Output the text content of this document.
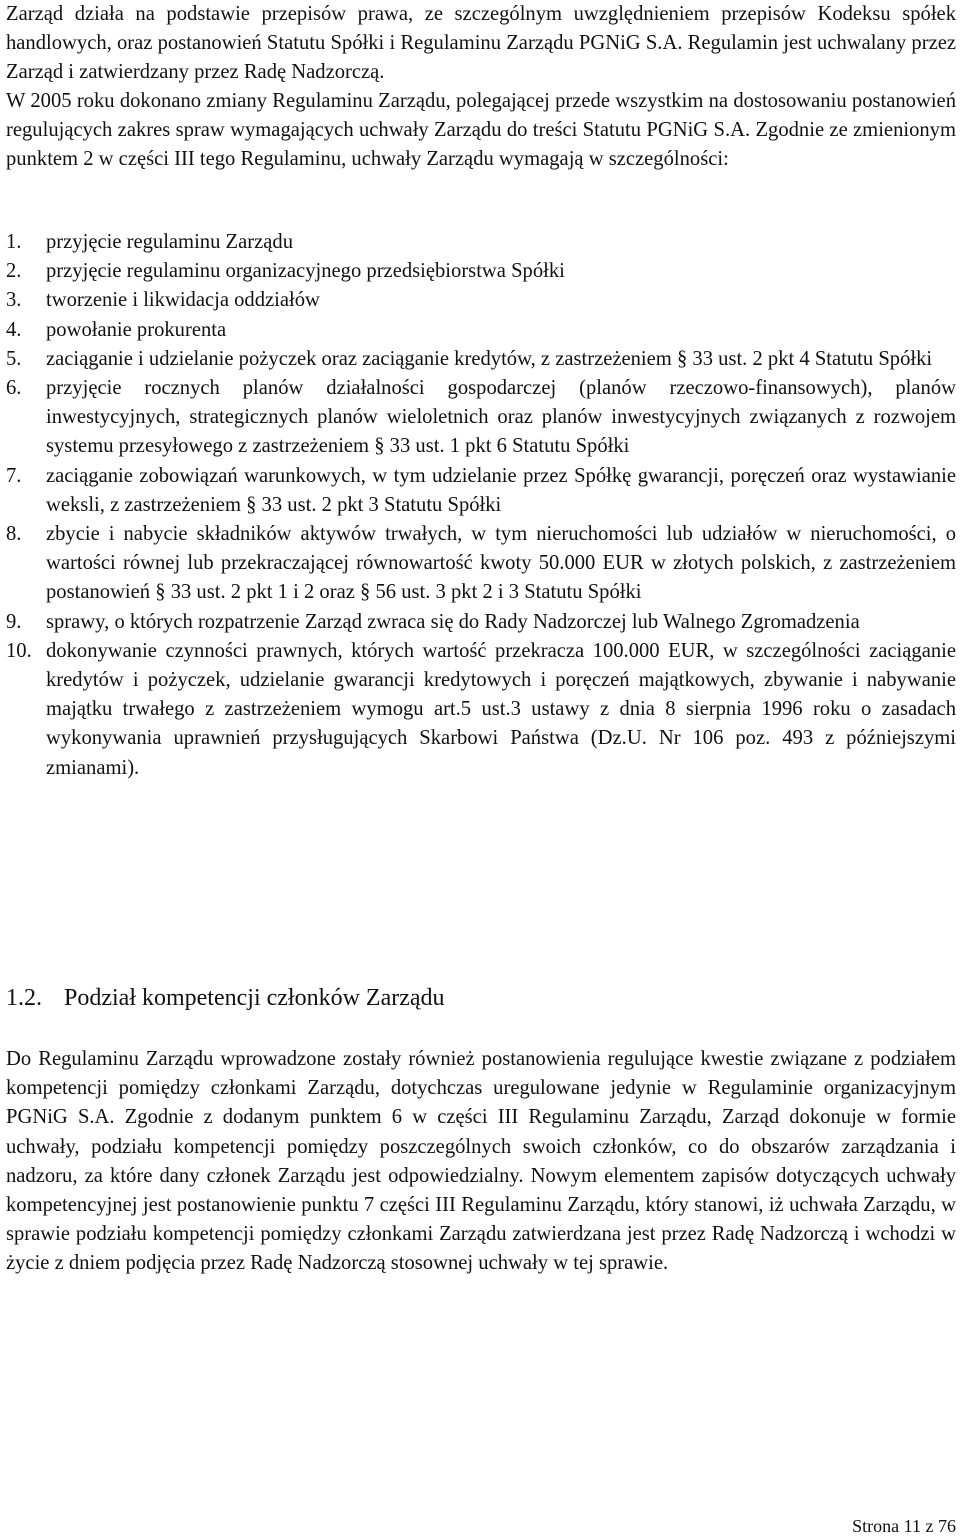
Zarząd działa na podstawie przepisów prawa, ze szczególnym uwzględnieniem przepisów Kodeksu spółek handlowych, oraz postanowień Statutu Spółki i Regulaminu Zarządu PGNiG S.A. Regulamin jest uchwalany przez Zarząd i zatwierdzany przez Radę Nadzorczą.

W 2005 roku dokonano zmiany Regulaminu Zarządu, polegającej przede wszystkim na dostosowaniu postanowień regulujących zakres spraw wymagających uchwały Zarządu do treści Statutu PGNiG S.A. Zgodnie ze zmienionym punktem 2 w części III tego Regulaminu, uchwały Zarządu wymagają w szczególności:

1. przyjęcie regulaminu Zarządu
2. przyjęcie regulaminu organizacyjnego przedsiębiorstwa Spółki
3. tworzenie i likwidacja oddziałów
4. powołanie prokurenta
5. zaciąganie i udzielanie pożyczek oraz zaciąganie kredytów, z zastrzeżeniem § 33 ust. 2 pkt 4 Statutu Spółki
6. przyjęcie rocznych planów działalności gospodarczej (planów rzeczowo-finansowych), planów inwestycyjnych, strategicznych planów wieloletnich oraz planów inwestycyjnych związanych z rozwojem systemu przesyłowego z zastrzeżeniem § 33 ust. 1 pkt 6 Statutu Spółki
7. zaciąganie zobowiązań warunkowych, w tym udzielanie przez Spółkę gwarancji, poręczeń oraz wystawianie weksli, z zastrzeżeniem § 33 ust. 2 pkt 3 Statutu Spółki
8. zbycie i nabycie składników aktywów trwałych, w tym nieruchomości lub udziałów w nieruchomości, o wartości równej lub przekraczającej równowartość kwoty 50.000 EUR w złotych polskich, z zastrzeżeniem postanowień § 33 ust. 2 pkt 1 i 2 oraz § 56 ust. 3 pkt 2 i 3 Statutu Spółki
9. sprawy, o których rozpatrzenie Zarząd zwraca się do Rady Nadzorczej lub Walnego Zgromadzenia
10. dokonywanie czynności prawnych, których wartość przekracza 100.000 EUR, w szczególności zaciąganie kredytów i pożyczek, udzielanie gwarancji kredytowych i poręczeń majątkowych, zbywanie i nabywanie majątku trwałego z zastrzeżeniem wymogu art.5 ust.3 ustawy z dnia 8 sierpnia 1996 roku o zasadach wykonywania uprawnień przysługujących Skarbowi Państwa (Dz.U. Nr 106 poz. 493 z późniejszymi zmianami).
1.2. Podział kompetencji członków Zarządu

Do Regulaminu Zarządu wprowadzone zostały również postanowienia regulujące kwestie związane z podziałem kompetencji pomiędzy członkami Zarządu, dotychczas uregulowane jedynie w Regulaminie organizacyjnym PGNiG S.A. Zgodnie z dodanym punktem 6 w części III Regulaminu Zarządu, Zarząd dokonuje w formie uchwały, podziału kompetencji pomiędzy poszczególnych swoich członków, co do obszarów zarządzania i nadzoru, za które dany członek Zarządu jest odpowiedzialny. Nowym elementem zapisów dotyczących uchwały kompetencyjnej jest postanowienie punktu 7 części III Regulaminu Zarządu, który stanowi, iż uchwała Zarządu, w sprawie podziału kompetencji pomiędzy członkami Zarządu zatwierdzana jest przez Radę Nadzorczą i wchodzi w życie z dniem podjęcia przez Radę Nadzorczą stosownej uchwały w tej sprawie.

Strona 11 z 76
